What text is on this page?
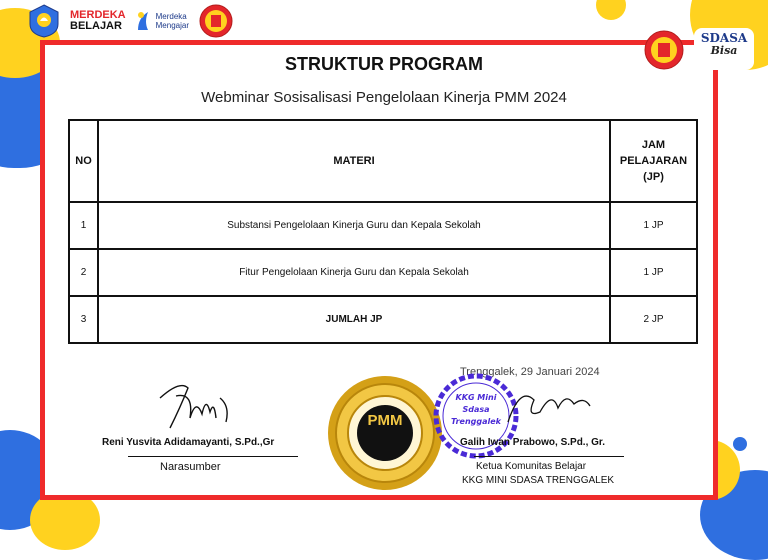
MERDEKA
BELAJAR
Merdeka
Mengajar
SDASA
Bisa
STRUKTUR PROGRAM
Webminar Sosisalisasi Pengelolaan Kinerja PMM 2024
NO	MATERI	JAM
PELAJARAN
(JP)

1	Substansi Pengelolaan Kinerja Guru dan Kepala Sekolah	1 JP
2	Fitur Pengelolaan Kinerja Guru dan Kepala Sekolah	1 JP
3	JUMLAH JP	2 JP
Trenggalek, 29 Januari 2024
Reni Yusvita Adidamayanti, S.Pd.,Gr
Narasumber
PMM
KKG Mini
Sdasa
Trenggalek
Galih Iwan Prabowo, S.Pd., Gr.
Ketua Komunitas Belajar
KKG MINI SDASA TRENGGALEK
